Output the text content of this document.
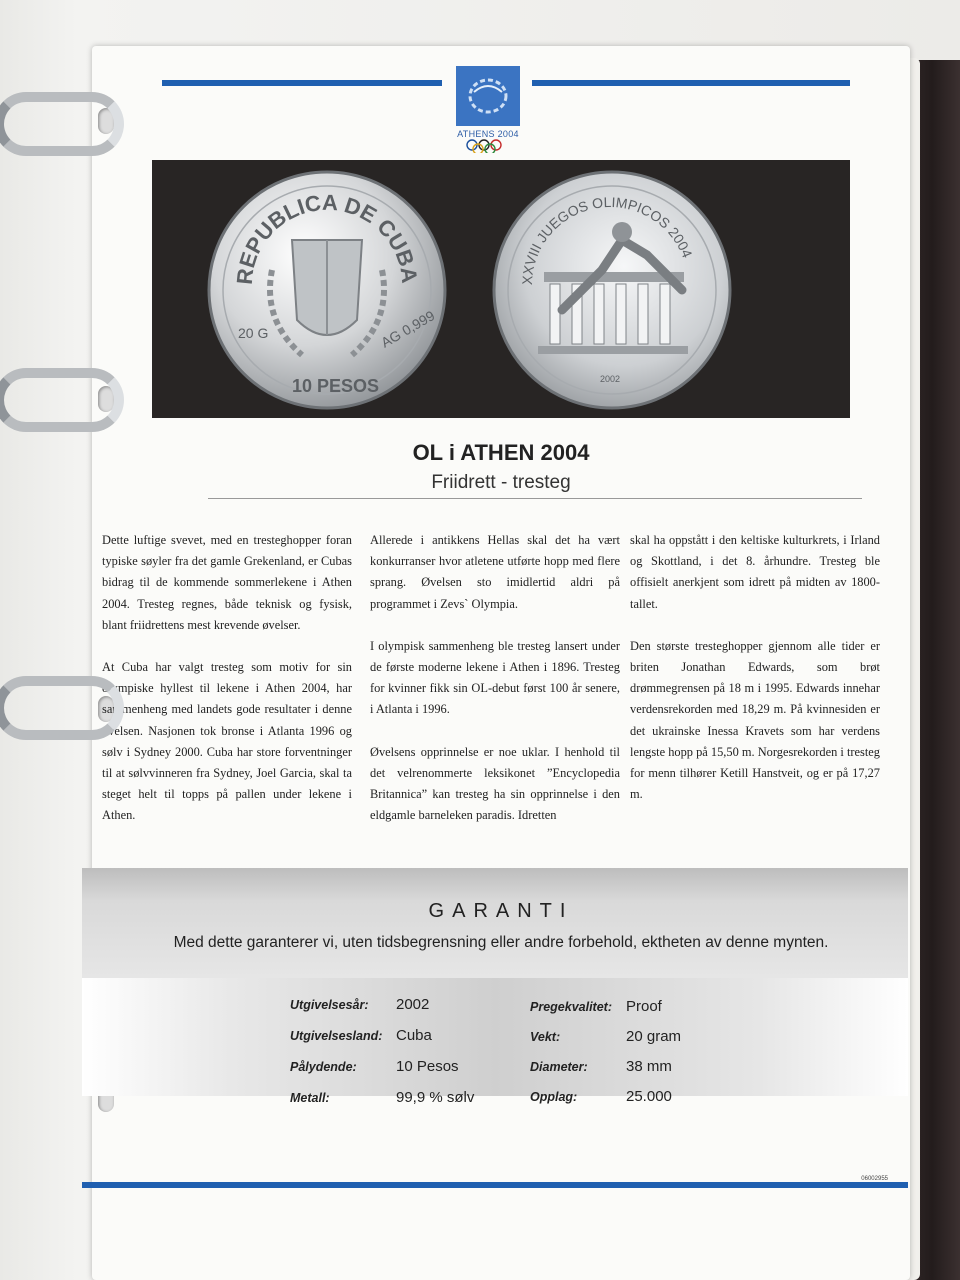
ATHENS 2004
REPUBLICA DE CUBA
20 G	AG 0,999
10 PESOS
XXVIII JUEGOS OLIMPICOS 2004
2002
OL i ATHEN 2004
Friidrett - tresteg

Dette luftige svevet, med en tresteghopper foran typiske søyler fra det gamle Grekenland, er Cubas bidrag til de kommende sommerlekene i Athen 2004. Tresteg regnes, både teknisk og fysisk, blant friidrettens mest krevende øvelser.

At Cuba har valgt tresteg som motiv for sin olympiske hyllest til lekene i Athen 2004, har sammenheng med landets gode resultater i denne øvelsen. Nasjonen tok bronse i Atlanta 1996 og sølv i Sydney 2000. Cuba har store forventninger til at sølvvinneren fra Sydney, Joel Garcia, skal ta steget helt til topps på pallen under lekene i Athen.

Allerede i antikkens Hellas skal det ha vært konkurranser hvor atletene utførte hopp med flere sprang. Øvelsen sto imidlertid aldri på programmet i Zevs` Olympia.

I olympisk sammenheng ble tresteg lansert under de første moderne lekene i Athen i 1896. Tresteg for kvinner fikk sin OL-debut først 100 år senere, i Atlanta i 1996.

Øvelsens opprinnelse er noe uklar. I henhold til det velrenommerte leksikonet ”Encyclopedia Britannica” kan tresteg ha sin opprinnelse i den eldgamle barneleken paradis. Idretten

skal ha oppstått i den keltiske kulturkrets, i Irland og Skottland, i det 8. århundre. Tresteg ble offisielt anerkjent som idrett på midten av 1800-tallet.

Den største tresteghopper gjennom alle tider er briten Jonathan Edwards, som brøt drømmegrensen på 18 m i 1995. Edwards innehar verdensrekorden med 18,29 m. På kvinnesiden er det ukrainske Inessa Kravets som har verdens lengste hopp på 15,50 m. Norgesrekorden i tresteg for menn tilhører Ketill Hanstveit, og er på 17,27 m.

GARANTI
Med dette garanterer vi, uten tidsbegrensning eller andre forbehold, ektheten av denne mynten.
Utgivelsesår: 2002
Utgivelsesland: Cuba
Pålydende:	10 Pesos
Metall:	99,9 % sølv
Pregekvalitet: Proof
Vekt:	20 gram
Diameter:	38 mm
Opplag:	25.000
06002955
